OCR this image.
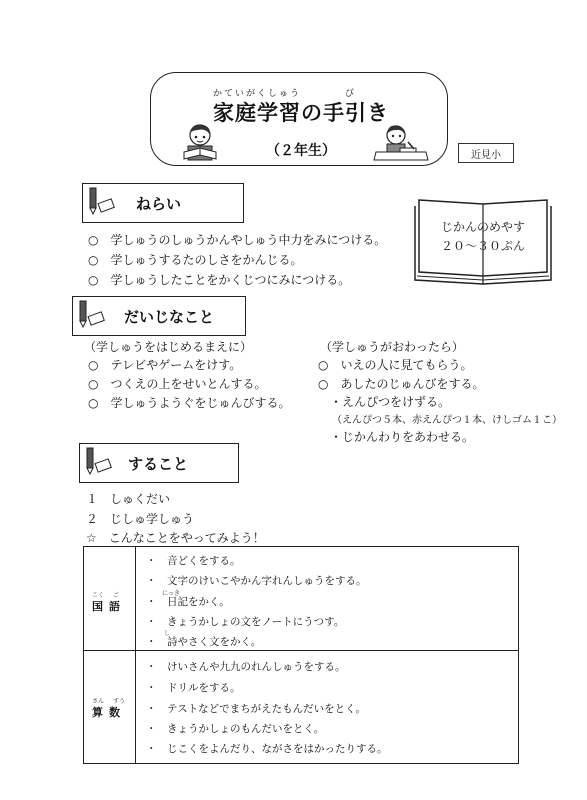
かていがくしゅう	び
家庭学習の手引き
（２年生）	近見小
ねらい
○　学しゅうのしゅうかんやしゅう中力をみにつける。
○　学しゅうするたのしさをかんじる。
○　学しゅうしたことをかくじつにみにつける。
じかんのめやす
２０～３０ぷん
だいじなこと
（学しゅうをはじめるまえに）
○　テレビやゲームをけす。
○　つくえの上をせいとんする。
○　学しゅうようぐをじゅんびする。
（学しゅうがおわったら）
○　いえの人に見てもらう。
○　あしたのじゅんびをする。
・えんぴつをけずる。
（えんぴつ５本、赤えんぴつ１本、けしゴム１こ）
・じかんわりをあわせる。
すること
１　しゅくだい
２　じしゅ学しゅう
☆　こんなことをやってみよう！
こく ご
国語
・　音どくをする。
・　文字のけいこやかん字れんしゅうをする。
にっき
・　日記をかく。
・　きょうかしょの文をノートにうつす。
し
・　詩やさく文をかく。
さん すう
算数
・　けいさんや九九のれんしゅうをする。
・　ドリルをする。
・　テストなどでまちがえたもんだいをとく。
・　きょうかしょのもんだいをとく。
・　じこくをよんだり、ながさをはかったりする。
